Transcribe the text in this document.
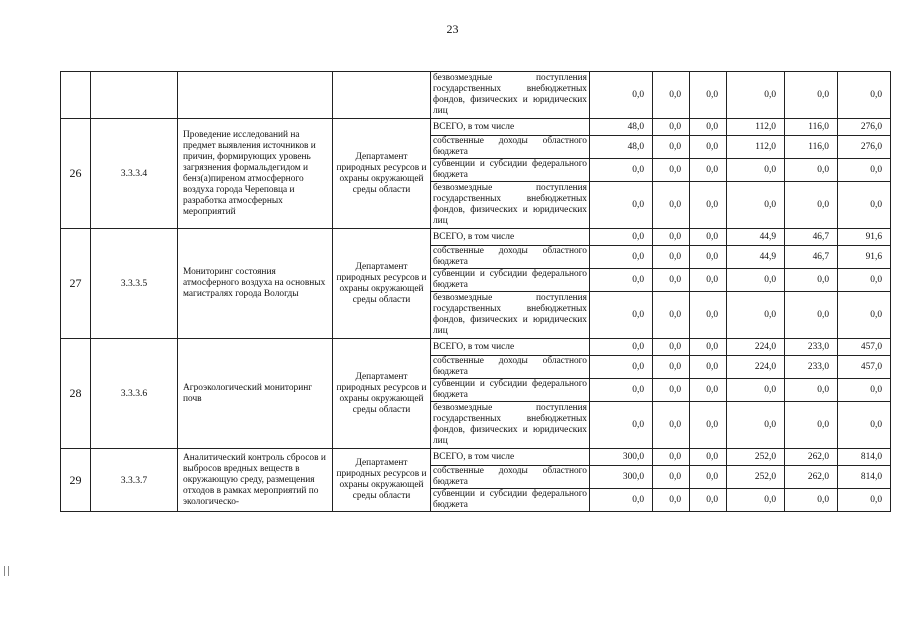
23
				безвозмездные поступления государственных внебюджетных фондов, физических и юридических лиц	0,0	0,0	0,0	0,0	0,0	0,0
26	3.3.3.4	Проведение исследований на предмет выявления источников и причин, формирующих уровень загрязнения формальдегидом и бенз(а)пиреном атмосферного воздуха города Череповца и разработка атмосферных мероприятий	Департамент природных ресурсов и охраны окружающей среды области	ВСЕГО, в том числе	48,0	0,0	0,0	112,0	116,0	276,0
				собственные доходы областного бюджета	48,0	0,0	0,0	112,0	116,0	276,0
				субвенции и субсидии федерального бюджета	0,0	0,0	0,0	0,0	0,0	0,0
				безвозмездные поступления государственных внебюджетных фондов, физических и юридических лиц	0,0	0,0	0,0	0,0	0,0	0,0
27	3.3.3.5	Мониторинг состояния атмосферного воздуха на основных магистралях города Вологды	Департамент природных ресурсов и охраны окружающей среды области	ВСЕГО, в том числе	0,0	0,0	0,0	44,9	46,7	91,6
				собственные доходы областного бюджета	0,0	0,0	0,0	44,9	46,7	91,6
				субвенции и субсидии федерального бюджета	0,0	0,0	0,0	0,0	0,0	0,0
				безвозмездные поступления государственных внебюджетных фондов, физических и юридических лиц	0,0	0,0	0,0	0,0	0,0	0,0
28	3.3.3.6	Агроэкологический мониторинг почв	Департамент природных ресурсов и охраны окружающей среды области	ВСЕГО, в том числе	0,0	0,0	0,0	224,0	233,0	457,0
				собственные доходы областного бюджета	0,0	0,0	0,0	224,0	233,0	457,0
				субвенции и субсидии федерального бюджета	0,0	0,0	0,0	0,0	0,0	0,0
				безвозмездные поступления государственных внебюджетных фондов, физических и юридических лиц	0,0	0,0	0,0	0,0	0,0	0,0
29	3.3.3.7	Аналитический контроль сбросов и выбросов вредных веществ в окружающую среду, размещения отходов в рамках мероприятий по экологическо-	Департамент природных ресурсов и охраны окружающей среды области	ВСЕГО, в том числе	300,0	0,0	0,0	252,0	262,0	814,0
				собственные доходы областного бюджета	300,0	0,0	0,0	252,0	262,0	814,0
				субвенции и субсидии федерального бюджета	0,0	0,0	0,0	0,0	0,0	0,0
